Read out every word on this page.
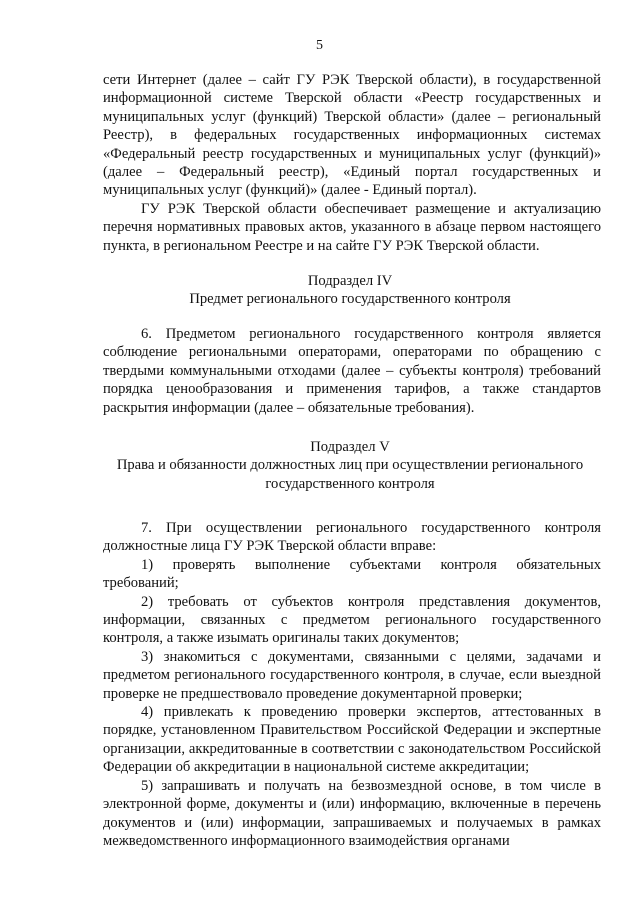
5

сети Интернет (далее – сайт ГУ РЭК Тверской области), в государственной информационной системе Тверской области «Реестр государственных и муниципальных услуг (функций) Тверской области» (далее – региональный Реестр), в федеральных государственных информационных системах «Федеральный реестр государственных и муниципальных услуг (функций)» (далее – Федеральный реестр), «Единый портал государственных и муниципальных услуг (функций)» (далее - Единый портал).

ГУ РЭК Тверской области обеспечивает размещение и актуализацию перечня нормативных правовых актов, указанного в абзаце первом настоящего пункта, в региональном Реестре и на сайте ГУ РЭК Тверской области.

Подраздел IV

Предмет регионального государственного контроля

6. Предметом регионального государственного контроля является соблюдение региональными операторами, операторами по обращению с твердыми коммунальными отходами (далее – субъекты контроля) требований порядка ценообразования и применения тарифов, а также стандартов раскрытия информации (далее – обязательные требования).

Подраздел V

Права и обязанности должностных лиц при осуществлении регионального

государственного контроля

7. При осуществлении регионального государственного контроля должностные лица ГУ РЭК Тверской области вправе:

1) проверять выполнение субъектами контроля обязательных требований;

2) требовать от субъектов контроля представления документов, информации, связанных с предметом регионального государственного контроля, а также изымать оригиналы таких документов;

3) знакомиться с документами, связанными с целями, задачами и предметом регионального государственного контроля, в случае, если выездной проверке не предшествовало проведение документарной проверки;

4) привлекать к проведению проверки экспертов, аттестованных в порядке, установленном Правительством Российской Федерации и экспертные организации, аккредитованные в соответствии с законодательством Российской Федерации об аккредитации в национальной системе аккредитации;

5) запрашивать и получать на безвозмездной основе, в том числе в электронной форме, документы и (или) информацию, включенные в перечень документов и (или) информации, запрашиваемых и получаемых в рамках межведомственного информационного взаимодействия органами
